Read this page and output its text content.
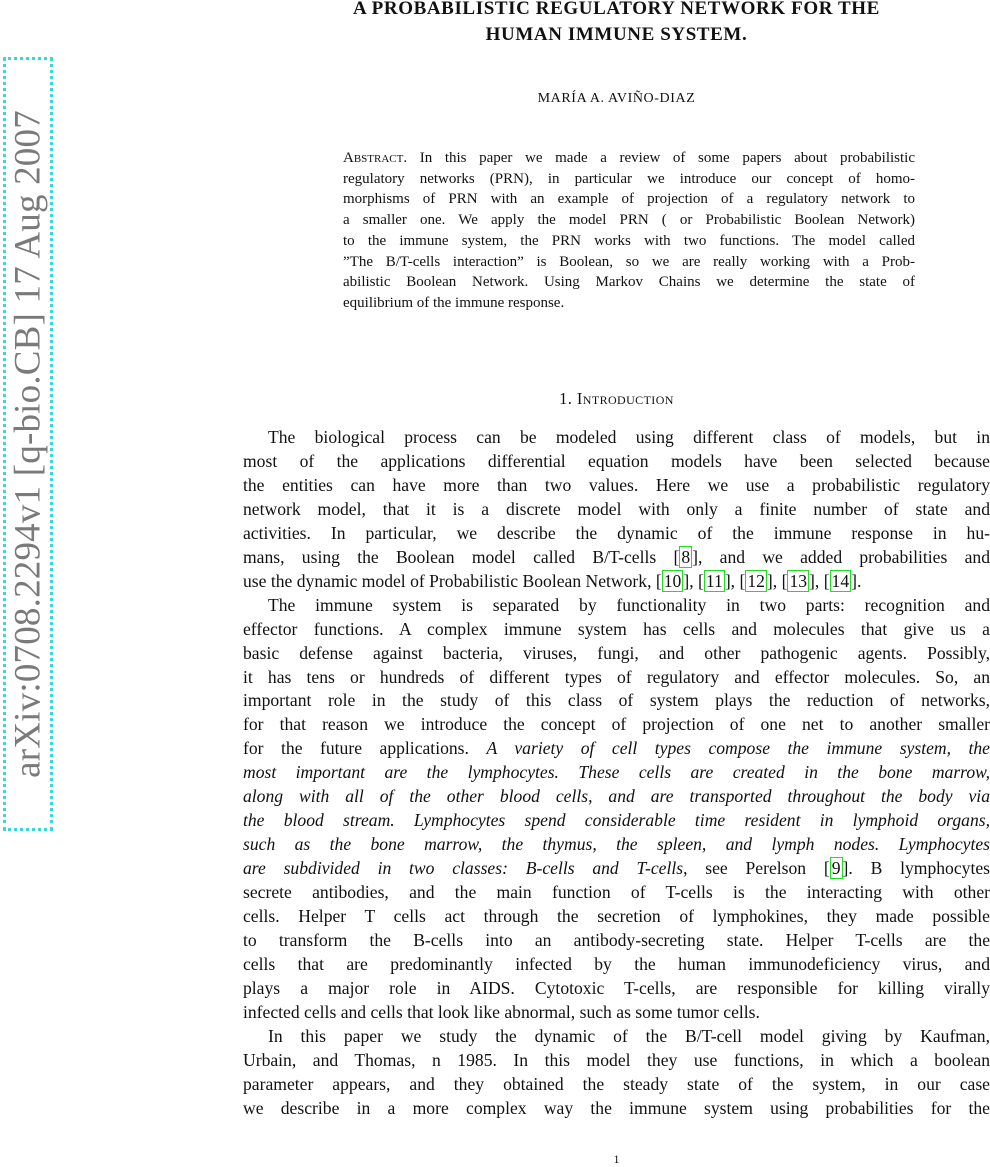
arXiv:0708.2294v1 [q-bio.CB] 17 Aug 2007
A PROBABILISTIC REGULATORY NETWORK FOR THE
HUMAN IMMUNE SYSTEM.
MARÍA A. AVIÑO-DIAZ
Abstract. In this paper we made a review of some papers about probabilistic
regulatory networks (PRN), in particular we introduce our concept of homo-
morphisms of PRN with an example of projection of a regulatory network to
a smaller one. We apply the model PRN ( or Probabilistic Boolean Network)
to the immune system, the PRN works with two functions. The model called
”The B/T-cells interaction” is Boolean, so we are really working with a Prob-
abilistic Boolean Network. Using Markov Chains we determine the state of
equilibrium of the immune response.
1. Introduction
The biological process can be modeled using different class of models, but in
most of the applications differential equation models have been selected because
the entities can have more than two values. Here we use a probabilistic regulatory
network model, that it is a discrete model with only a finite number of state and
activities. In particular, we describe the dynamic of the immune response in hu-
mans, using the Boolean model called B/T-cells [ 8 ], and we added probabilities and
use the dynamic model of Probabilistic Boolean Network, [ 10 ], [ 11 ], [ 12 ], [ 13 ], [ 14 ].
The immune system is separated by functionality in two parts: recognition and
effector functions. A complex immune system has cells and molecules that give us a
basic defense against bacteria, viruses, fungi, and other pathogenic agents. Possibly,
it has tens or hundreds of different types of regulatory and effector molecules. So, an
important role in the study of this class of system plays the reduction of networks,
for that reason we introduce the concept of projection of one net to another smaller
for the future applications. A variety of cell types compose the immune system, the
most important are the lymphocytes. These cells are created in the bone marrow,
along with all of the other blood cells, and are transported throughout the body via
the blood stream. Lymphocytes spend considerable time resident in lymphoid organs,
such as the bone marrow, the thymus, the spleen, and lymph nodes. Lymphocytes
are subdivided in two classes: B-cells and T-cells, see Perelson [ 9 ]. B lymphocytes
secrete antibodies, and the main function of T-cells is the interacting with other
cells. Helper T cells act through the secretion of lymphokines, they made possible
to transform the B-cells into an antibody-secreting state. Helper T-cells are the
cells that are predominantly infected by the human immunodeficiency virus, and
plays a major role in AIDS. Cytotoxic T-cells, are responsible for killing virally
infected cells and cells that look like abnormal, such as some tumor cells.
In this paper we study the dynamic of the B/T-cell model giving by Kaufman,
Urbain, and Thomas, n 1985. In this model they use functions, in which a boolean
parameter appears, and they obtained the steady state of the system, in our case
we describe in a more complex way the immune system using probabilities for the
1
